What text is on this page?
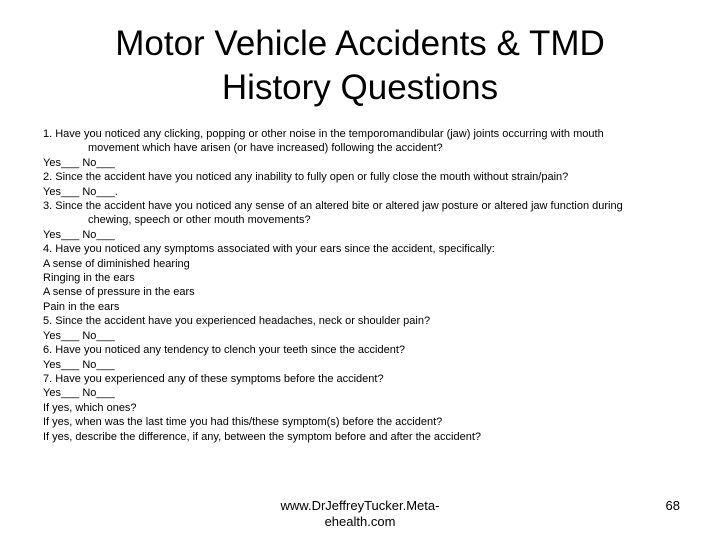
Motor Vehicle Accidents & TMD
History Questions
1. Have you noticed any clicking, popping or other noise in the temporomandibular (jaw) joints occurring with mouth
movement which have arisen (or have increased) following the accident?
Yes___ No___
2. Since the accident have you noticed any inability to fully open or fully close the mouth without strain/pain?
Yes___ No___.
3. Since the accident have you noticed any sense of an altered bite or altered jaw posture or altered jaw function during
chewing, speech or other mouth movements?
Yes___ No___
4. Have you noticed any symptoms associated with your ears since the accident, specifically:
A sense of diminished hearing
Ringing in the ears
A sense of pressure in the ears
Pain in the ears
5. Since the accident have you experienced headaches, neck or shoulder pain?
Yes___ No___
6. Have you noticed any tendency to clench your teeth since the accident?
Yes___ No___
7. Have you experienced any of these symptoms before the accident?
Yes___ No___
If yes, which ones?
If yes, when was the last time you had this/these symptom(s) before the accident?
If yes, describe the difference, if any, between the symptom before and after the accident?
www.DrJeffreyTucker.Meta-
ehealth.com
68
